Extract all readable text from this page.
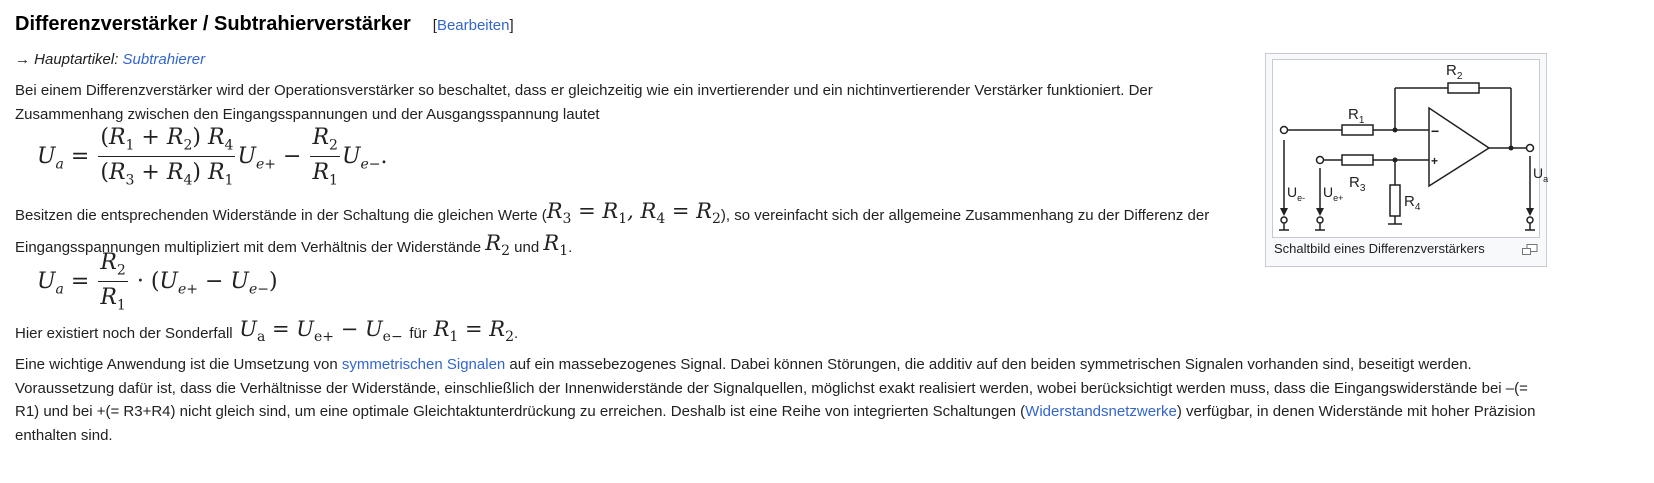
Differenzverstärker / Subtrahierverstärker [Bearbeiten]
→ Hauptartikel: Subtrahierer

Bei einem Differenzverstärker wird der Operationsverstärker so beschaltet, dass er gleichzeitig wie ein invertierender und ein nichtinvertierender Verstärker funktioniert. Der Zusammenhang zwischen den Eingangsspannungen und der Ausgangsspannung lautet

$U_a = \frac{(R_1 + R_2) R_4}{(R_3 + R_4) R_1} U_{e+} - \frac{R_2}{R_1} U_{e-}$.

Besitzen die entsprechenden Widerstände in der Schaltung die gleichen Werte ($R_3 = R_1$, $R_4 = R_2$), so vereinfacht sich der allgemeine Zusammenhang zu der Differenz der Eingangsspannungen multipliziert mit dem Verhältnis der Widerstände $R_2$ und $R_1$.

$U_a = \frac{R_2}{R_1} \cdot (U_{e+} - U_{e-})$

Hier existiert noch der Sonderfall $U_a = U_{e+} - U_{e-}$ für $R_1 = R_2$ .

Eine wichtige Anwendung ist die Umsetzung von symmetrischen Signalen auf ein massebezogenes Signal. Dabei können Störungen, die additiv auf den beiden symmetrischen Signalen vorhanden sind, beseitigt werden. Voraussetzung dafür ist, dass die Verhältnisse der Widerstände, einschließlich der Innenwiderstände der Signalquellen, möglichst exakt realisiert werden, wobei berücksichtigt werden muss, dass die Eingangswiderstände bei –(= R1) und bei +(= R3+R4) nicht gleich sind, um eine optimale Gleichtaktunterdrückung zu erreichen. Deshalb ist eine Reihe von integrierten Schaltungen (Widerstandsnetzwerke) verfügbar, in denen Widerstände mit hoher Präzision enthalten sind.

$R_1$
$R_2$
$R_3$
$R_4$
$U_{e-}$ $U_{e+}$
$U_a$
−
+
Schaltbild eines Differenzverstärkers
